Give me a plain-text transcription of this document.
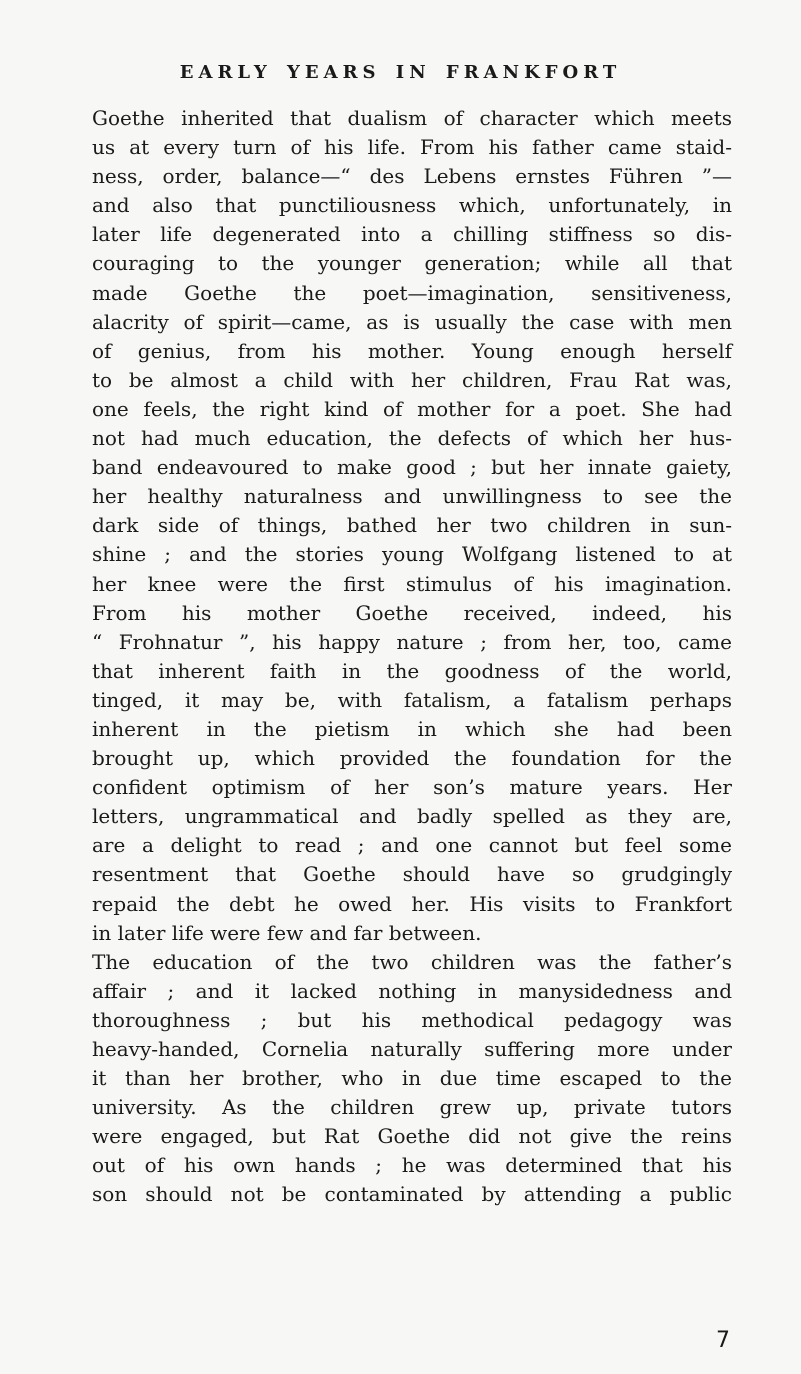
EARLY YEARS IN FRANKFORT
Goethe inherited that dualism of character which meets
us at every turn of his life. From his father came staid-
ness, order, balance—“ des Lebens ernstes Führen ”—
and also that punctiliousness which, unfortunately, in
later life degenerated into a chilling stiffness so dis-
couraging to the younger generation; while all that
made Goethe the poet—imagination, sensitiveness,
alacrity of spirit—came, as is usually the case with men
of genius, from his mother. Young enough herself
to be almost a child with her children, Frau Rat was,
one feels, the right kind of mother for a poet. She had
not had much education, the defects of which her hus-
band endeavoured to make good ; but her innate gaiety,
her healthy naturalness and unwillingness to see the
dark side of things, bathed her two children in sun-
shine ; and the stories young Wolfgang listened to at
her knee were the first stimulus of his imagination.
From his mother Goethe received, indeed, his
“ Frohnatur ”, his happy nature ; from her, too, came
that inherent faith in the goodness of the world,
tinged, it may be, with fatalism, a fatalism perhaps
inherent in the pietism in which she had been
brought up, which provided the foundation for the
confident optimism of her son’s mature years. Her
letters, ungrammatical and badly spelled as they are,
are a delight to read ; and one cannot but feel some
resentment that Goethe should have so grudgingly
repaid the debt he owed her. His visits to Frankfort
in later life were few and far between.
The education of the two children was the father’s
affair ; and it lacked nothing in manysidedness and
thoroughness ; but his methodical pedagogy was
heavy-handed, Cornelia naturally suffering more under
it than her brother, who in due time escaped to the
university. As the children grew up, private tutors
were engaged, but Rat Goethe did not give the reins
out of his own hands ; he was determined that his
son should not be contaminated by attending a public
7
